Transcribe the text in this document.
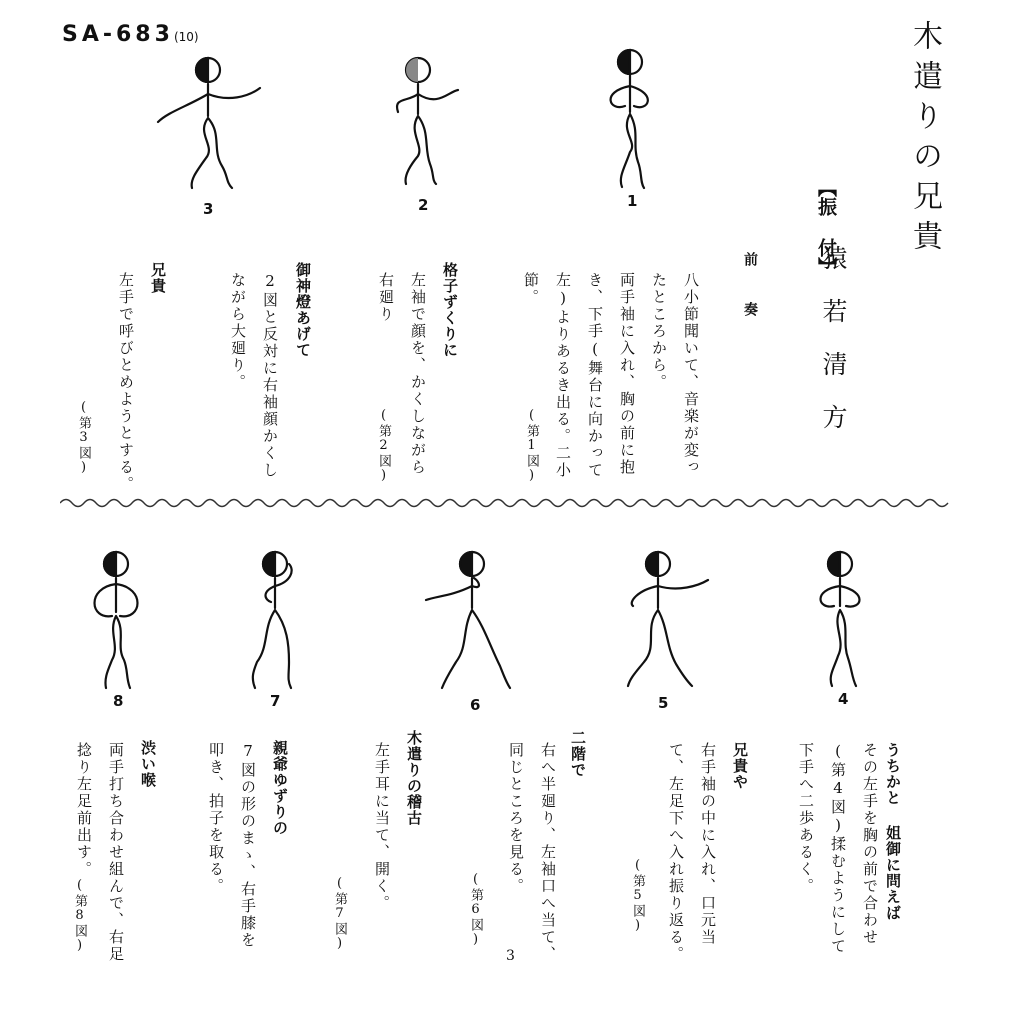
SA-683(10)	木遣りの兄貴
【振 付】
猿若清方
前 奏
1
2
3
4
5
6
7
8
八小節聞いて、音楽が変っ
たところから。
両手袖に入れ、胸の前に抱
き、下手(舞台に向かって
左)よりあるき出る。二小
節。
(第1図)
格子ずくりに
左袖で顔を、かくしながら
右廻り
(第2図)
御神燈あげて
2図と反対に右袖顔かくし
ながら大廻り。
兄貴
左手で呼びとめようとする。
(第3図)
うちかと 姐御に問えば
その左手を胸の前で合わせ
(第4図)揉むようにして
下手へ二歩あるく。
兄貴や
右手袖の中に入れ、口元当
て、左足下へ入れ振り返る。
(第5図)
二階で
右へ半廻り、左袖口へ当て、
同じところを見る。
(第6図)
木遣りの稽古
左手耳に当て、開く。
(第7図)
親爺ゆずりの
7図の形のまゝ、右手膝を
叩き、拍子を取る。
渋い喉
両手打ち合わせ組んで、右足
捻り左足前出す。
(第8図)
3
